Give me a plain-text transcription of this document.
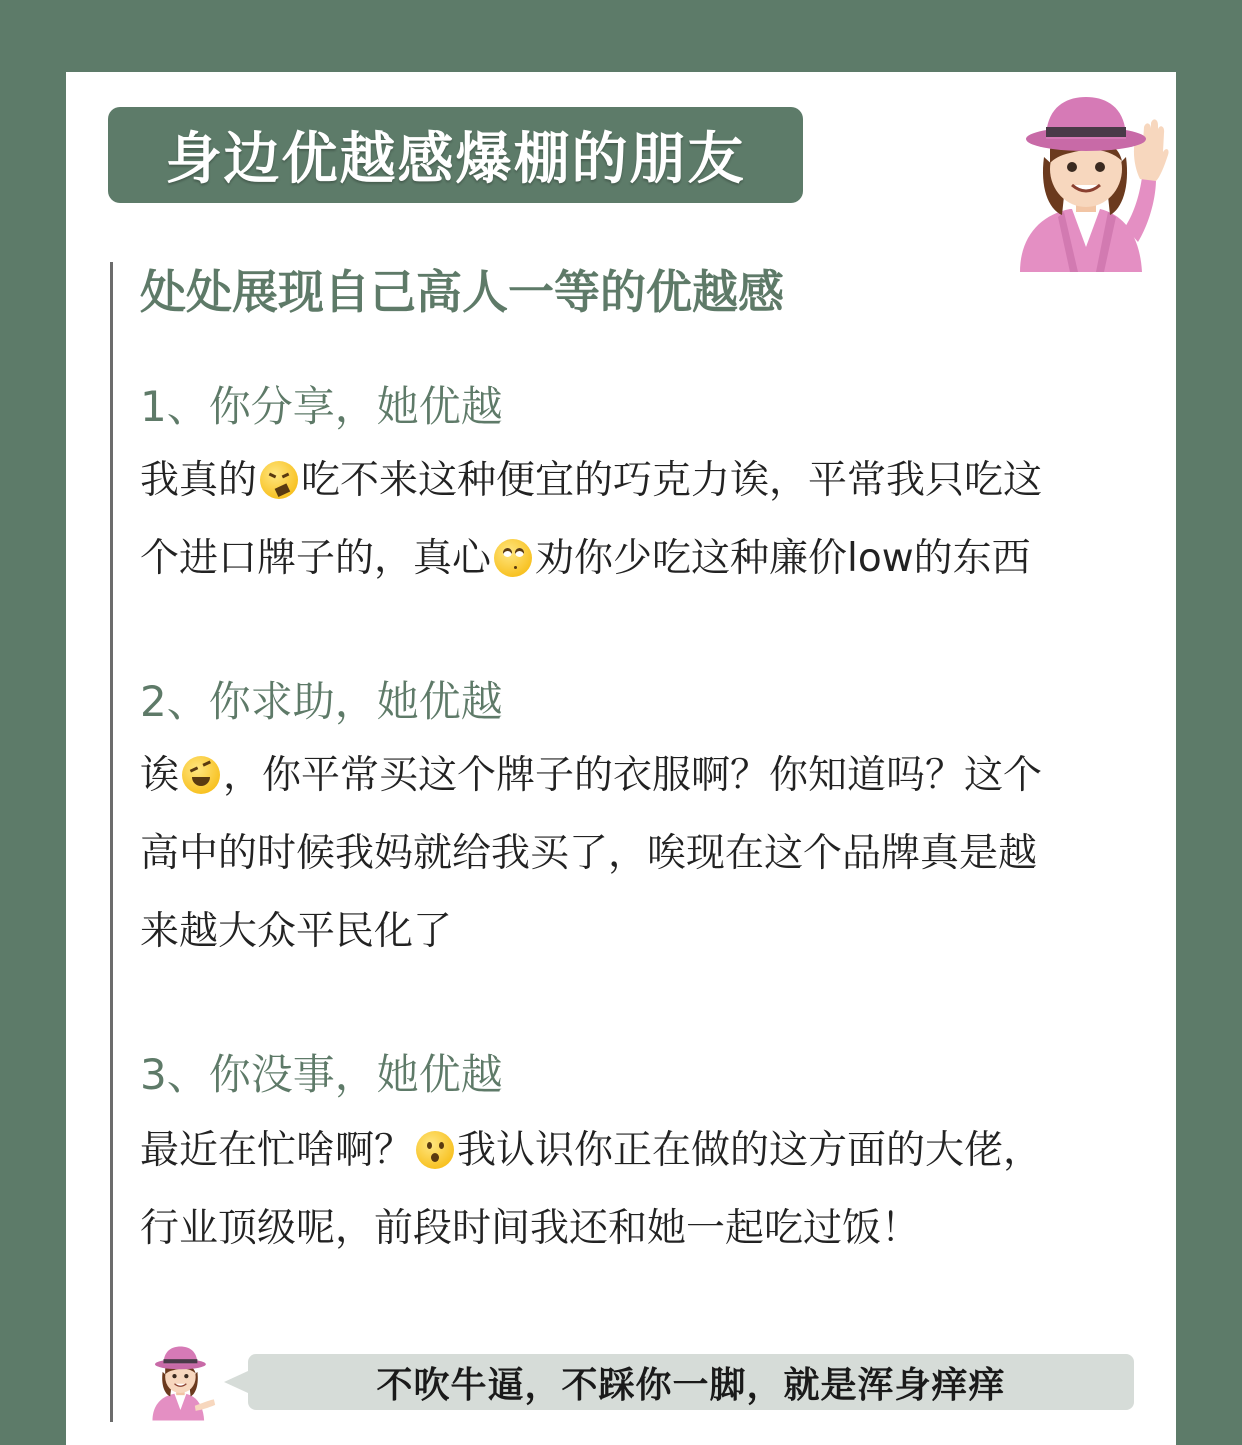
身边优越感爆棚的朋友
处处展现自己高人一等的优越感
1、你分享，她优越
我真的 吃不来这种便宜的巧克力诶，平常我只吃这
个进口牌子的，真心 劝你少吃这种廉价low的东西
2、你求助，她优越
诶 ，你平常买这个牌子的衣服啊？你知道吗？这个
高中的时候我妈就给我买了，唉现在这个品牌真是越
来越大众平民化了
3、你没事，她优越
最近在忙啥啊？ 我认识你正在做的这方面的大佬，
行业顶级呢，前段时间我还和她一起吃过饭！
不吹牛逼，不踩你一脚，就是浑身痒痒
